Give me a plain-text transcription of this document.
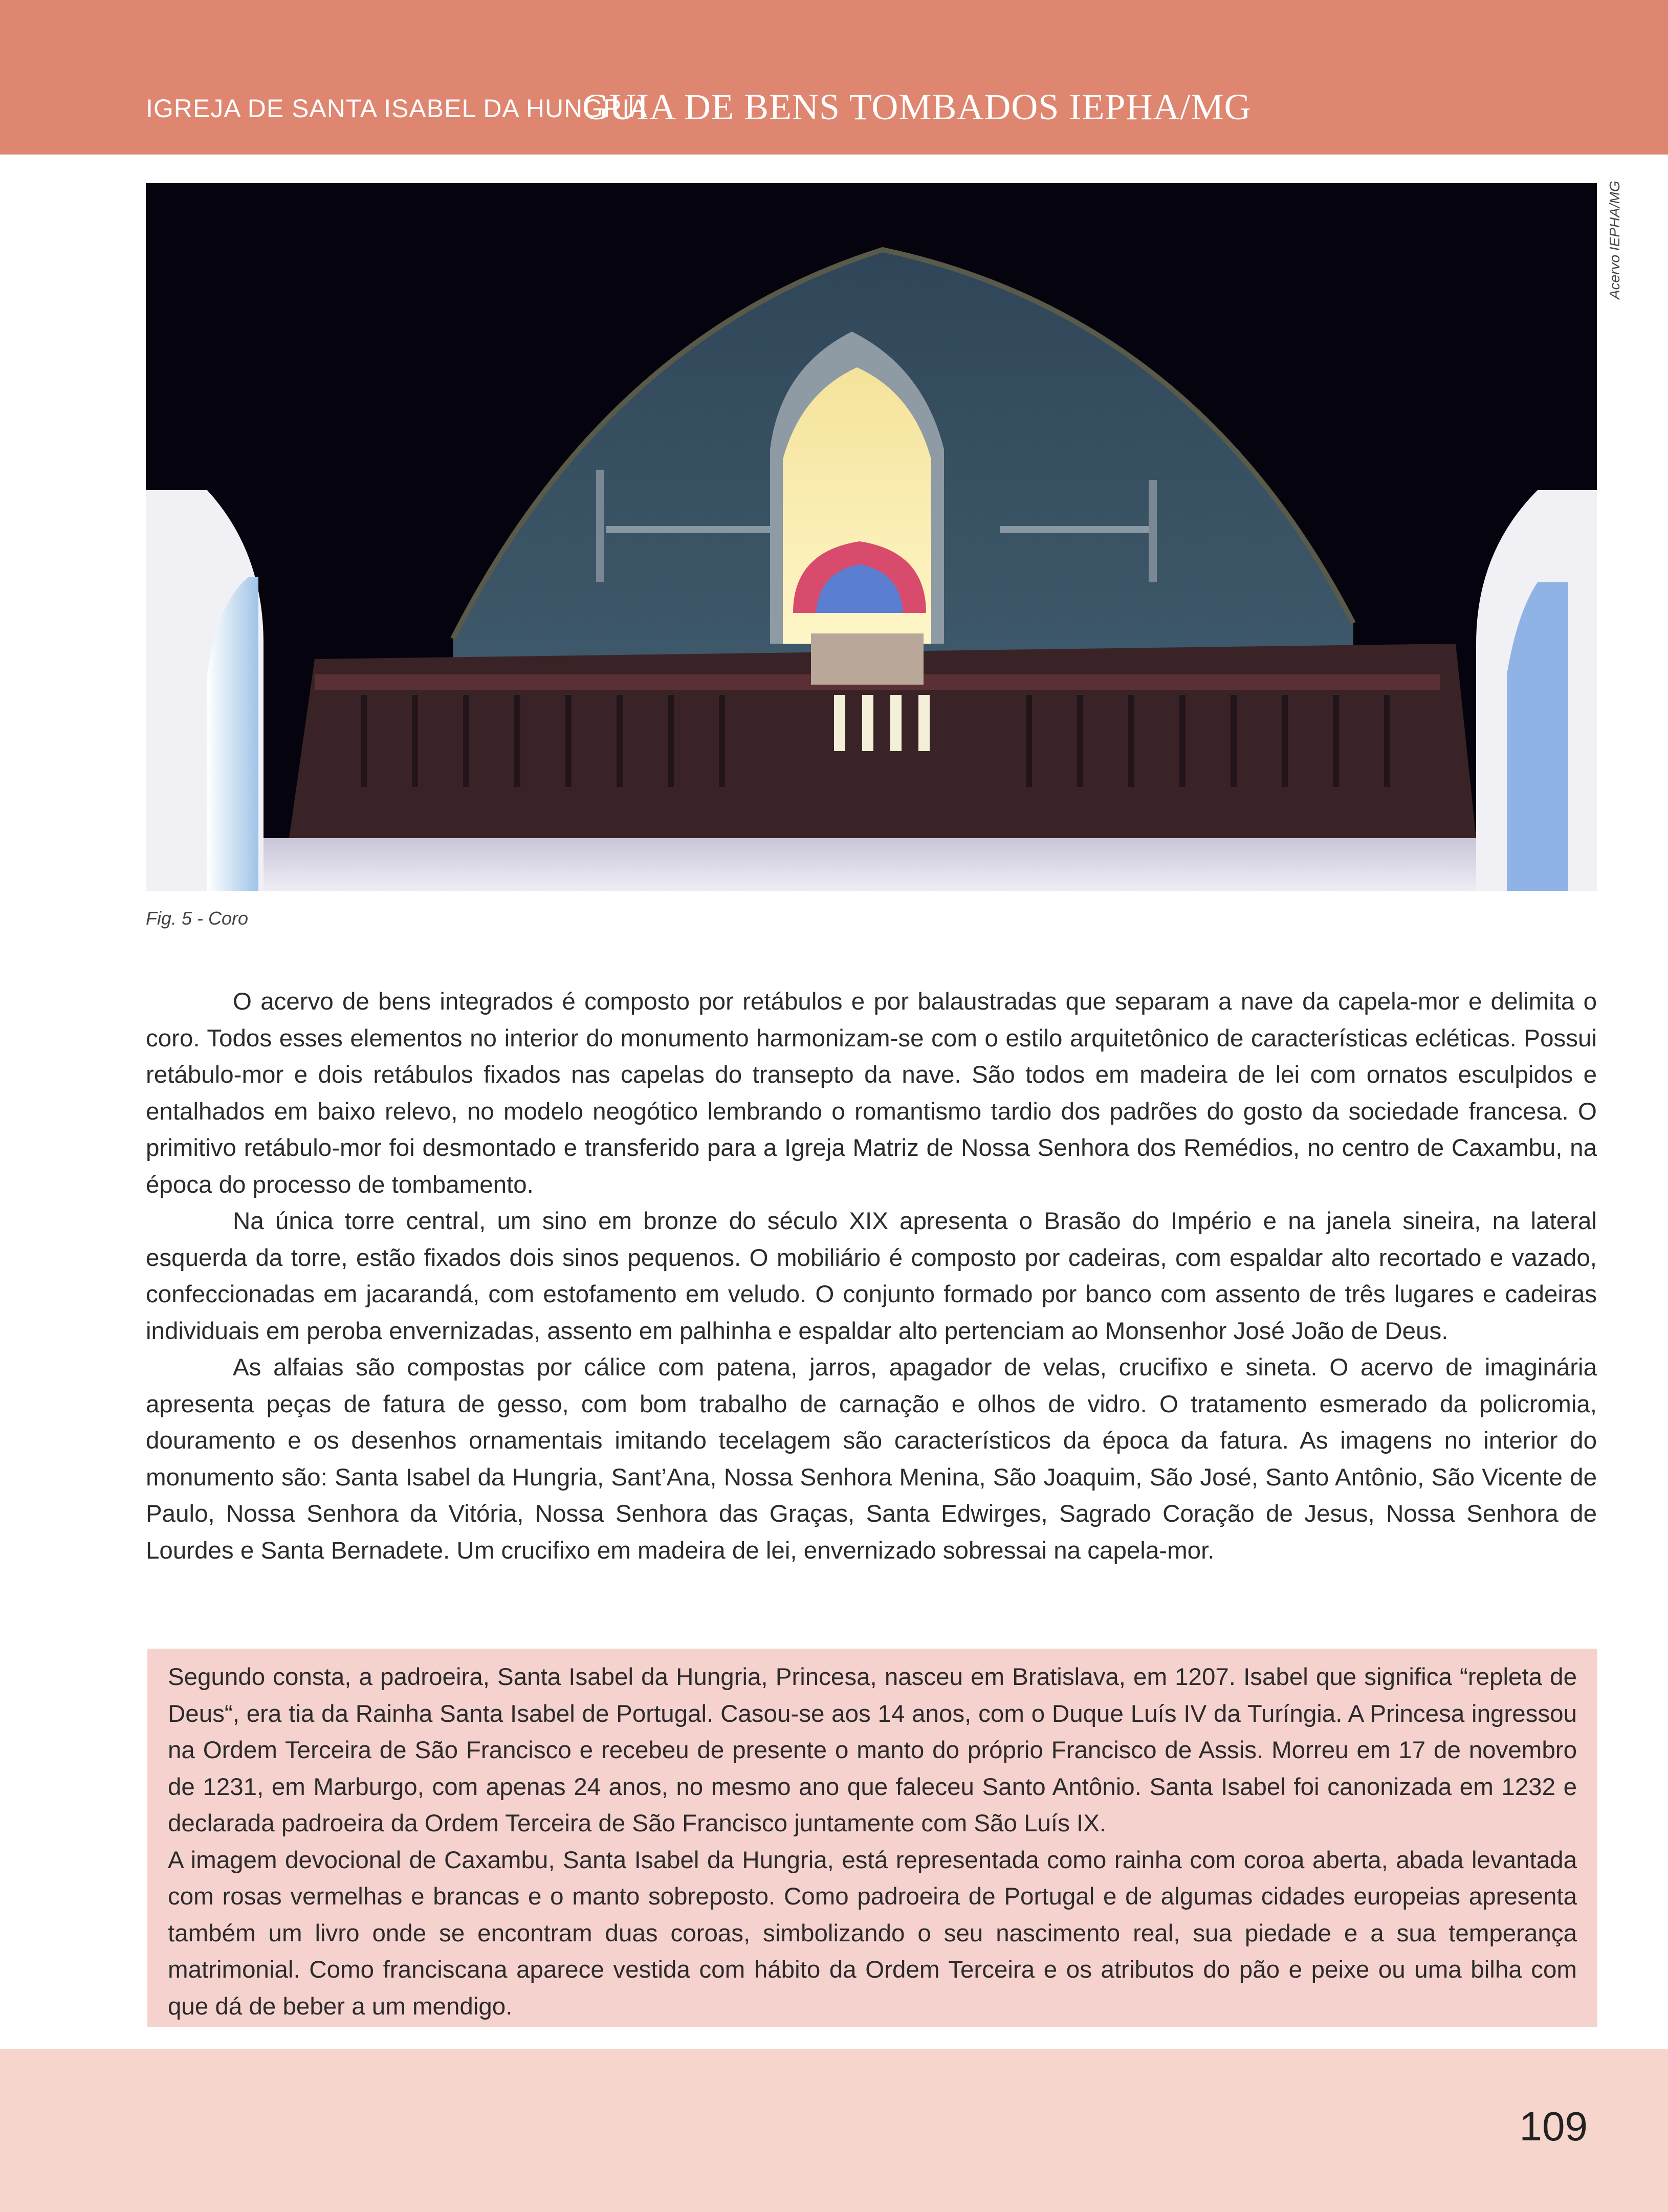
IGREJA DE SANTA ISABEL DA HUNGRIA
GUIA DE BENS TOMBADOS IEPHA/MG
Acervo IEPHA/MG
Fig. 5 - Coro

O acervo de bens integrados é composto por retábulos e por balaustradas que separam a nave da capela-mor e delimita o coro. Todos esses elementos no interior do monumento harmonizam-se com o estilo arquitetônico de características ecléticas. Possui retábulo-mor e dois retábulos fixados nas capelas do transepto da nave. São todos em madeira de lei com ornatos esculpidos e entalhados em baixo relevo, no modelo neogótico lembrando o romantismo tardio dos padrões do gosto da sociedade francesa. O primitivo retábulo-mor foi desmontado e transferido para a Igreja Matriz de Nossa Senhora dos Remédios, no centro de Caxambu, na época do processo de tombamento.

Na única torre central, um sino em bronze do século XIX apresenta o Brasão do Império e na janela sineira, na lateral esquerda da torre, estão fixados dois sinos pequenos. O mobiliário é composto por cadeiras, com espaldar alto recortado e vazado, confeccionadas em jacarandá, com estofamento em veludo. O conjunto formado por banco com assento de três lugares e cadeiras individuais em peroba envernizadas, assento em palhinha e espaldar alto pertenciam ao Monsenhor José João de Deus.

As alfaias são compostas por cálice com patena, jarros, apagador de velas, crucifixo e sineta. O acervo de imaginária apresenta peças de fatura de gesso, com bom trabalho de carnação e olhos de vidro. O tratamento esmerado da policromia, douramento e os desenhos ornamentais imitando tecelagem são característicos da época da fatura. As imagens no interior do monumento são: Santa Isabel da Hungria, Sant’Ana, Nossa Senhora Menina, São Joaquim, São José, Santo Antônio, São Vicente de Paulo, Nossa Senhora da Vitória, Nossa Senhora das Graças, Santa Edwirges, Sagrado Coração de Jesus, Nossa Senhora de Lourdes e Santa Bernadete. Um crucifixo em madeira de lei, envernizado sobressai na capela-mor.

Segundo consta, a padroeira, Santa Isabel da Hungria, Princesa, nasceu em Bratislava, em 1207. Isabel que significa “repleta de Deus“, era tia da Rainha Santa Isabel de Portugal. Casou-se aos 14 anos, com o Duque Luís IV da Turíngia. A Princesa ingressou na Ordem Terceira de São Francisco e recebeu de presente o manto do próprio Francisco de Assis. Morreu em 17 de novembro de 1231, em Marburgo, com apenas 24 anos, no mesmo ano que faleceu Santo Antônio. Santa Isabel foi canonizada em 1232 e declarada padroeira da Ordem Terceira de São Francisco juntamente com São Luís IX.

A imagem devocional de Caxambu, Santa Isabel da Hungria, está representada como rainha com coroa aberta, abada levantada com rosas vermelhas e brancas e o manto sobreposto. Como padroeira de Portugal e de algumas cidades europeias apresenta também um livro onde se encontram duas coroas, simbolizando o seu nascimento real, sua piedade e a sua temperança matrimonial. Como franciscana aparece vestida com hábito da Ordem Terceira e os atributos do pão e peixe ou uma bilha com que dá de beber a um mendigo.

109
